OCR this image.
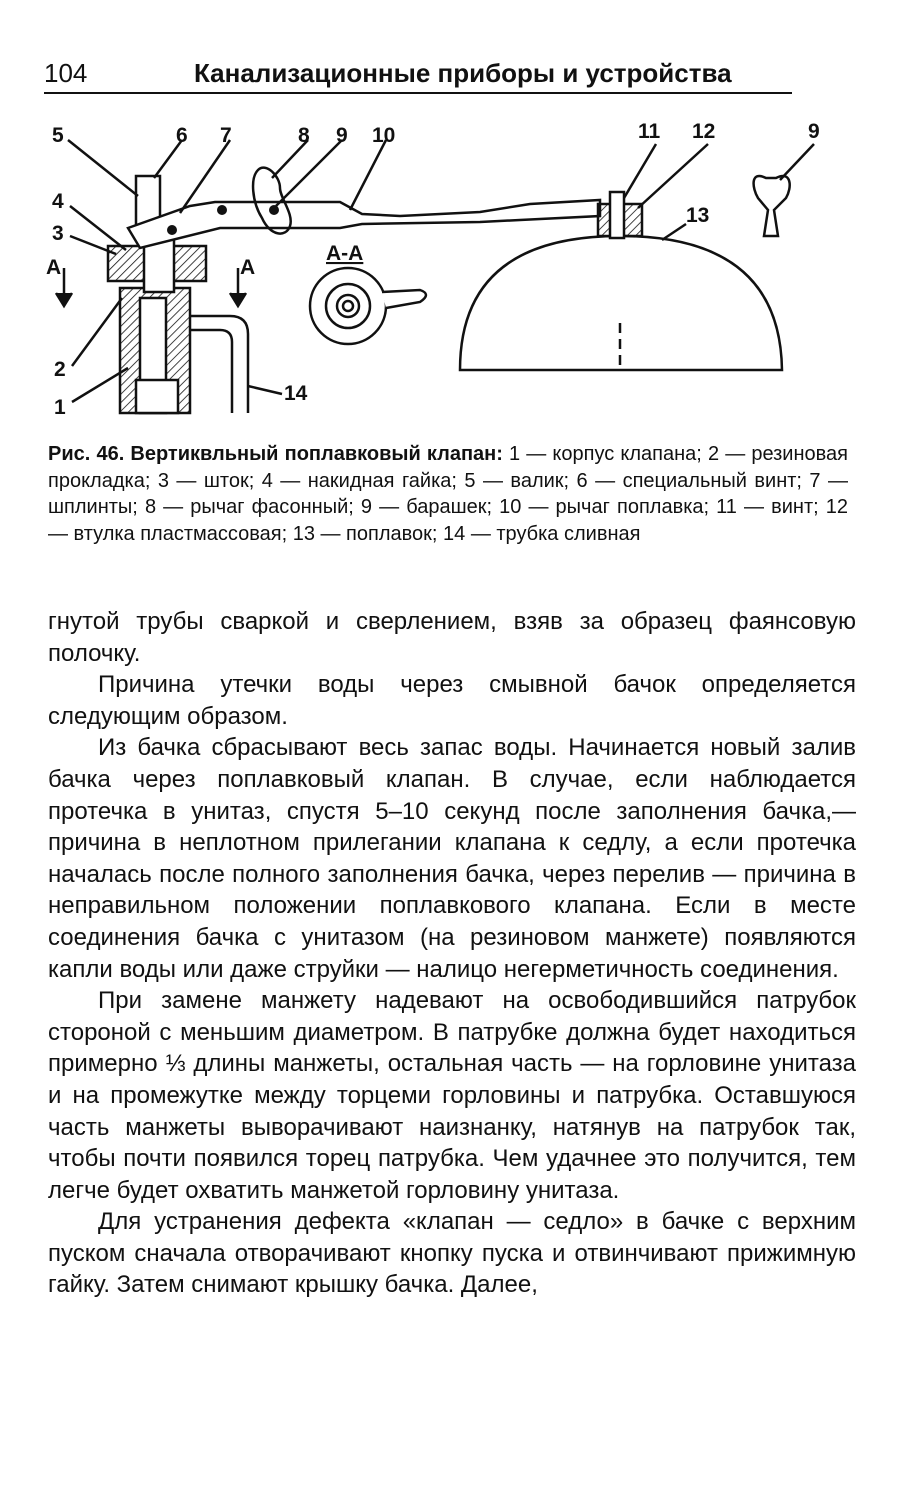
104	Канализационные приборы и устройства
5	6 7	8 9 10	11 12	9
13
4
3
2
1
14
А	А
А-А
Рис. 46. Вертиквльный поплавковый клапан: 1 — корпус клапана; 2 — резиновая прокладка; 3 — шток; 4 — накидная гайка; 5 — валик; 6 — специальный винт; 7 — шплинты; 8 — рычаг фасонный; 9 — барашек; 10 — рычаг поплавка; 11 — винт; 12 — втулка пластмассовая; 13 — поплавок; 14 — трубка сливная

гнутой трубы сваркой и сверлением, взяв за образец фаянсовую полочку.

Причина утечки воды через смывной бачок определяется следующим образом.

Из бачка сбрасывают весь запас воды. Начинается новый залив бачка через поплавковый клапан. В случае, если наблюдается протечка в унитаз, спустя 5–10 секунд после заполнения бачка,— причина в неплотном прилегании клапана к седлу, а если протечка началась после полного заполнения бачка, через перелив — причина в неправильном положении поплавкового клапана. Если в месте соединения бачка с унитазом (на резиновом манжете) появляются капли воды или даже струйки — налицо негерметичность соединения.

При замене манжету надевают на освободившийся патрубок стороной с меньшим диаметром. В патрубке должна будет находиться примерно ⅓ длины манжеты, остальная часть — на горловине унитаза и на промежутке между торцеми горловины и патрубка. Оставшуюся часть манжеты выворачивают наизнанку, натянув на патрубок так, чтобы почти появился торец патрубка. Чем удачнее это получится, тем легче будет охватить манжетой горловину унитаза.

Для устранения дефекта «клапан — седло» в бачке с верхним пуском сначала отворачивают кнопку пуска и отвинчивают прижимную гайку. Затем снимают крышку бачка. Далее,
